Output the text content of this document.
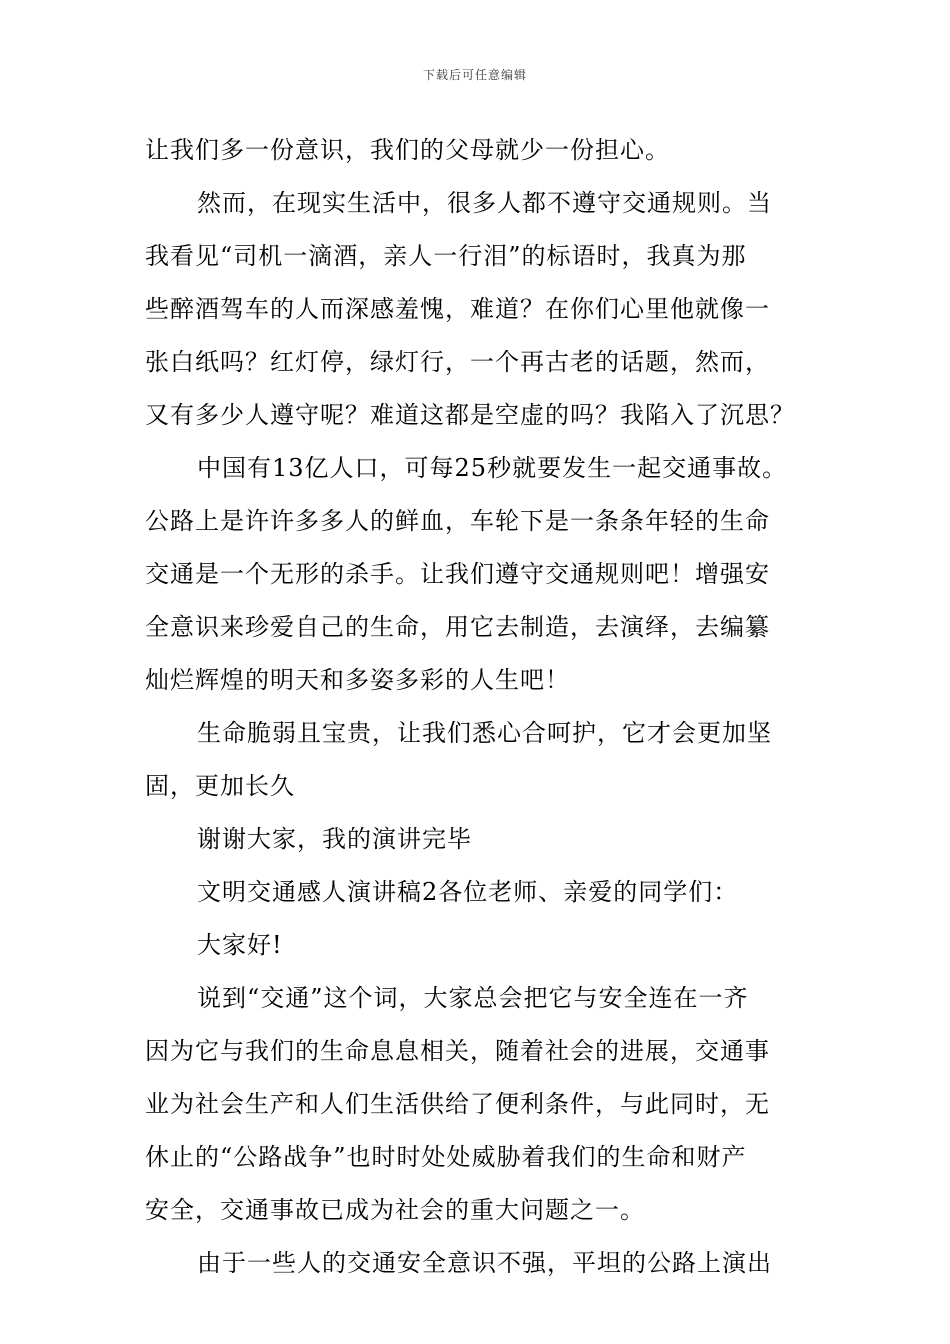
下载后可任意编辑
让我们多一份意识，我们的父母就少一份担心。
然而，在现实生活中，很多人都不遵守交通规则。当
我看见“司机一滴酒，亲人一行泪”的标语时，我真为那
些醉酒驾车的人而深感羞愧，难道？在你们心里他就像一
张白纸吗？红灯停，绿灯行，一个再古老的话题，然而，
又有多少人遵守呢？难道这都是空虚的吗？我陷入了沉思？
中国有13亿人口，可每25秒就要发生一起交通事故。
公路上是许许多多人的鲜血，车轮下是一条条年轻的生命
交通是一个无形的杀手。让我们遵守交通规则吧！增强安
全意识来珍爱自己的生命，用它去制造，去演绎，去编纂
灿烂辉煌的明天和多姿多彩的人生吧！
生命脆弱且宝贵，让我们悉心合呵护，它才会更加坚
固，更加长久
谢谢大家，我的演讲完毕
文明交通感人演讲稿2各位老师、亲爱的同学们：
大家好!
说到“交通”这个词，大家总会把它与安全连在一齐
因为它与我们的生命息息相关，随着社会的进展，交通事
业为社会生产和人们生活供给了便利条件，与此同时，无
休止的“公路战争”也时时处处威胁着我们的生命和财产
安全，交通事故已成为社会的重大问题之一。
由于一些人的交通安全意识不强，平坦的公路上演出
